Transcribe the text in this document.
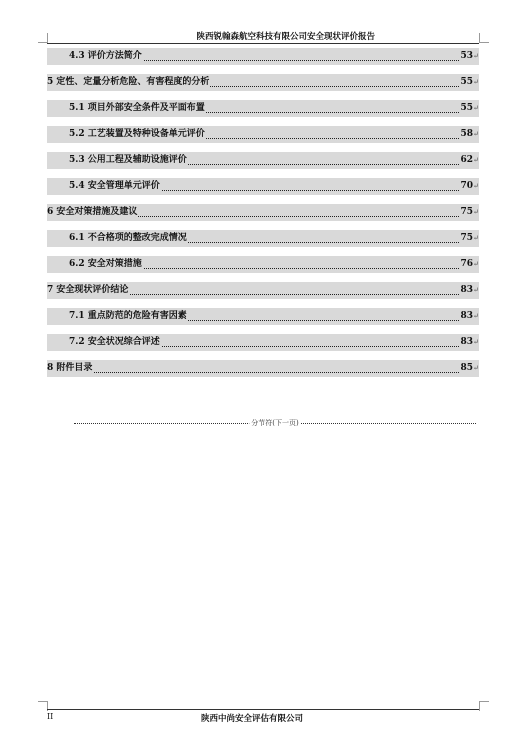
陕西锐翰森航空科技有限公司安全现状评价报告
4.3 评价方法简介	53 ↵
5 定性、定量分析危险、有害程度的分析	55 ↵
5.1 项目外部安全条件及平面布置	55 ↵
5.2 工艺装置及特种设备单元评价	58 ↵
5.3 公用工程及辅助设施评价	62 ↵
5.4 安全管理单元评价	70 ↵
6 安全对策措施及建议	75 ↵
6.1 不合格项的整改完成情况	75 ↵
6.2 安全对策措施	76 ↵
7 安全现状评价结论	83 ↵
7.1 重点防范的危险有害因素	83 ↵
7.2 安全状况综合评述	83 ↵
8 附件目录	85 ↵
分节符(下一页)
II	陕西中尚安全评估有限公司
